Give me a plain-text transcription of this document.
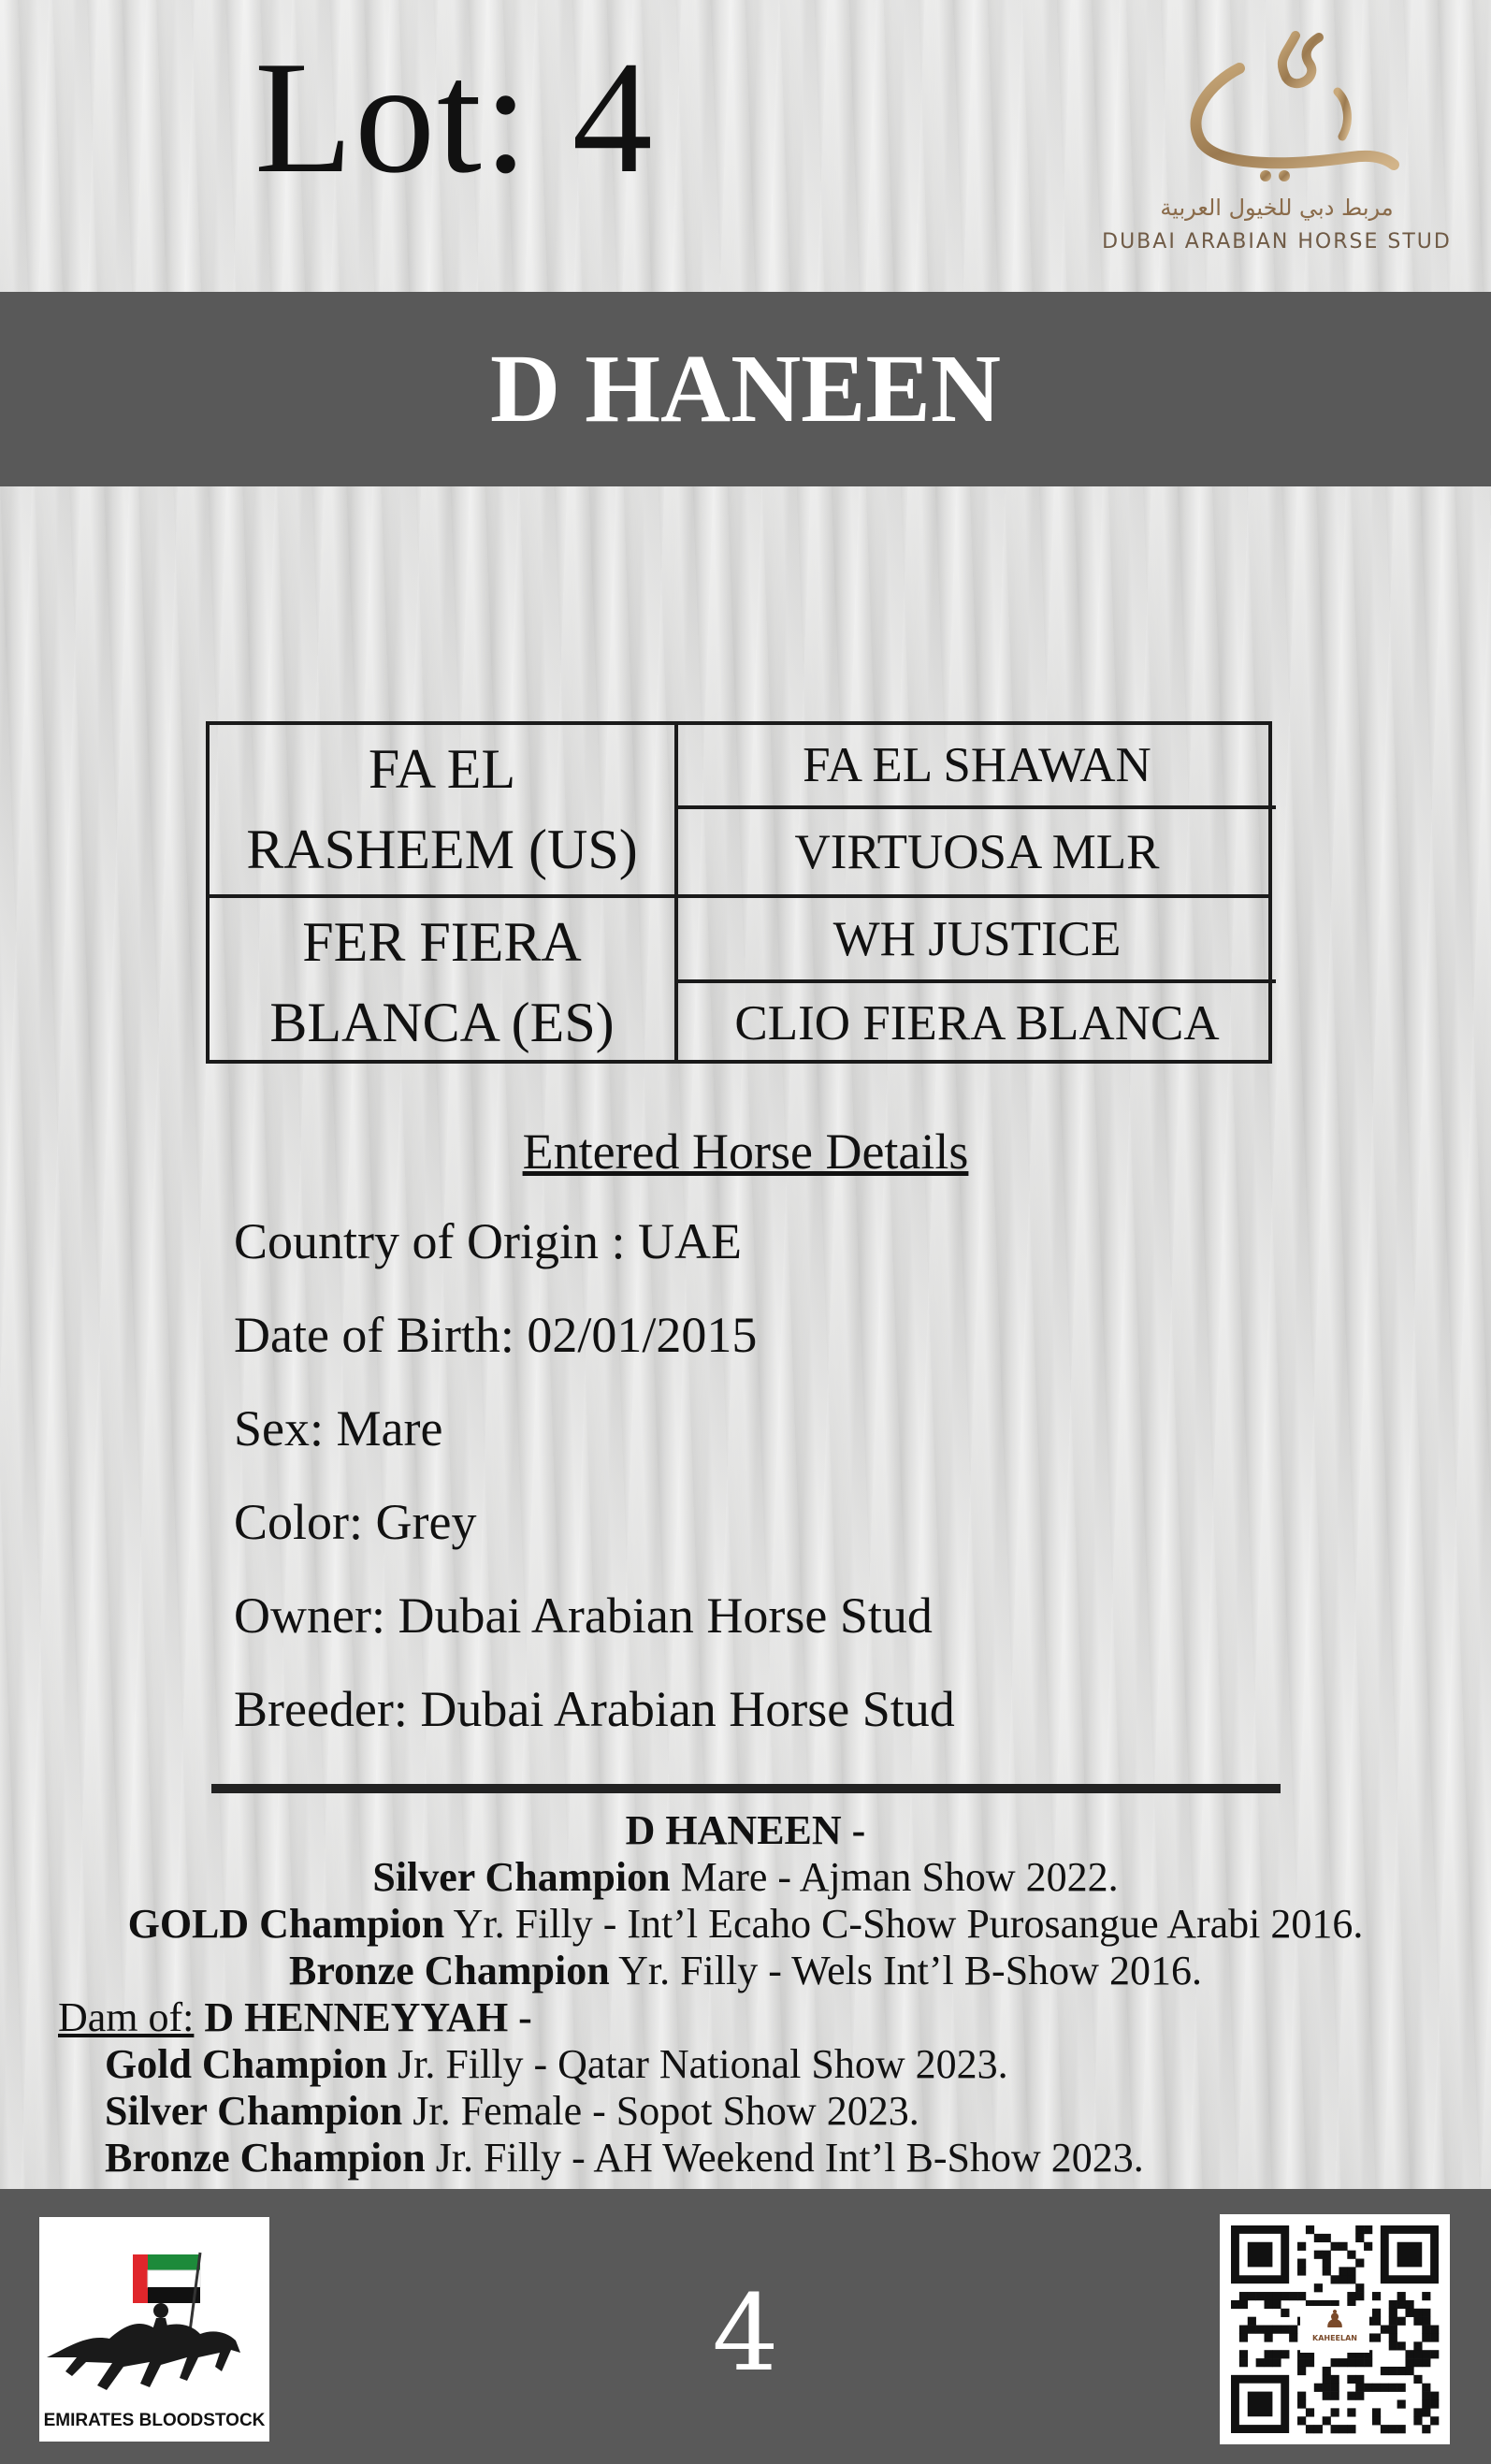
Lot: 4
مربط دبي للخيول العربية
DUBAI ARABIAN HORSE STUD
D HANEEN
FA EL
RASHEEM (US)
FER FIERA
BLANCA (ES)
FA EL SHAWAN
VIRTUOSA MLR
WH JUSTICE
CLIO FIERA BLANCA
Entered Horse Details
Country of Origin : UAE
Date of Birth: 02/01/2015
Sex: Mare
Color: Grey
Owner: Dubai Arabian Horse Stud
Breeder: Dubai Arabian Horse Stud
D HANEEN -
Silver Champion Mare - Ajman Show 2022.
GOLD Champion Yr. Filly - Int’l Ecaho C-Show Purosangue Arabi 2016.
Bronze Champion Yr. Filly - Wels Int’l B-Show 2016.
Dam of: D HENNEYYAH -
Gold Champion Jr. Filly - Qatar National Show 2023.
Silver Champion Jr. Female - Sopot Show 2023.
Bronze Champion Jr. Filly - AH Weekend Int’l B-Show 2023.
4
EMIRATES BLOODSTOCK
♟
KAHEELAN
